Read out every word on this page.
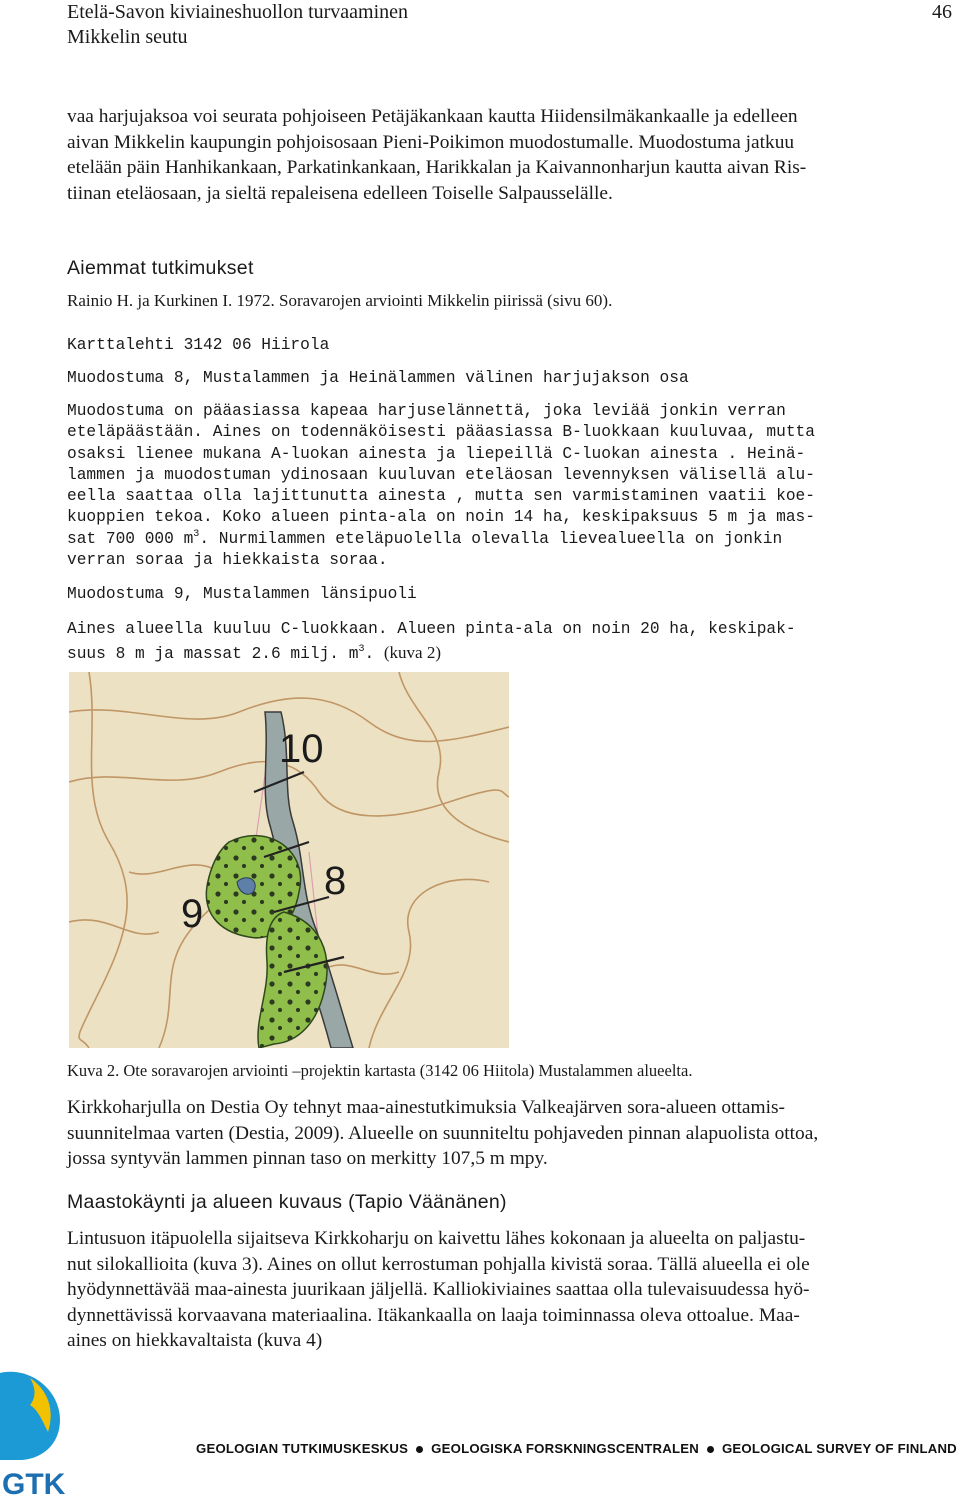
Etelä-Savon kiviaineshuollon turvaaminen
Mikkelin seutu
46
vaa harjujaksoa voi seurata pohjoiseen Petäjäkankaan kautta Hiidensilmäkankaalle ja edelleen
aivan Mikkelin kaupungin pohjoisosaan Pieni-Poikimon muodostumalle. Muodostuma jatkuu
etelään päin Hanhikankaan, Parkatinkankaan, Harikkalan ja Kaivannonharjun kautta aivan Ris-
tiinan eteläosaan, ja sieltä repaleisena edelleen Toiselle Salpausselälle.
Aiemmat tutkimukset
Rainio H. ja Kurkinen I. 1972. Soravarojen arviointi Mikkelin piirissä (sivu 60).
Karttalehti 3142 06 Hiirola
Muodostuma 8, Mustalammen ja Heinälammen välinen harjujakson osa
Muodostuma on pääasiassa kapeaa harjuselännettä, joka leviää jonkin verran
eteläpäästään. Aines on todennäköisesti pääasiassa B-luokkaan kuuluvaa, mutta
osaksi lienee mukana A-luokan ainesta ja liepeillä C-luokan ainesta . Heinä-
lammen ja muodostuman ydinosaan kuuluvan eteläosan levennyksen välisellä alu-
eella saattaa olla lajittunutta ainesta , mutta sen varmistaminen vaatii koe-
kuoppien tekoa. Koko alueen pinta-ala on noin 14 ha, keskipaksuus 5 m ja mas-
sat 700 000 $m^3$. Nurmilammen eteläpuolella olevalla lievealueella on jonkin
verran soraa ja hiekkaista soraa.
Muodostuma 9, Mustalammen länsipuoli
Aines alueella kuuluu C-luokkaan. Alueen pinta-ala on noin 20 ha, keskipak-
suus 8 m ja massat 2.6 milj. $m^3$. (kuva 2)
10
9
8
Kuva 2. Ote soravarojen arviointi –projektin kartasta (3142 06 Hiitola) Mustalammen alueelta.
Kirkkoharjulla on Destia Oy tehnyt maa-ainestutkimuksia Valkeajärven sora-alueen ottamis-
suunnitelmaa varten (Destia, 2009). Alueelle on suunniteltu pohjaveden pinnan alapuolista ottoa,
jossa syntyvän lammen pinnan taso on merkitty 107,5 m mpy.
Maastokäynti ja alueen kuvaus (Tapio Väänänen)
Lintusuon itäpuolella sijaitseva Kirkkoharju on kaivettu lähes kokonaan ja alueelta on paljastu-
nut silokallioita (kuva 3). Aines on ollut kerrostuman pohjalla kivistä soraa. Tällä alueella ei ole
hyödynnettävää maa-ainesta juurikaan jäljellä. Kalliokiviaines saattaa olla tulevaisuudessa hyö-
dynnettävissä korvaavana materiaalina. Itäkankaalla on laaja toiminnassa oleva ottoalue. Maa-
aines on hiekkavaltaista (kuva 4)
GTK
GEOLOGIAN TUTKIMUSKESKUS GEOLOGISKA FORSKNINGSCENTRALEN GEOLOGICAL SURVEY OF FINLAND
